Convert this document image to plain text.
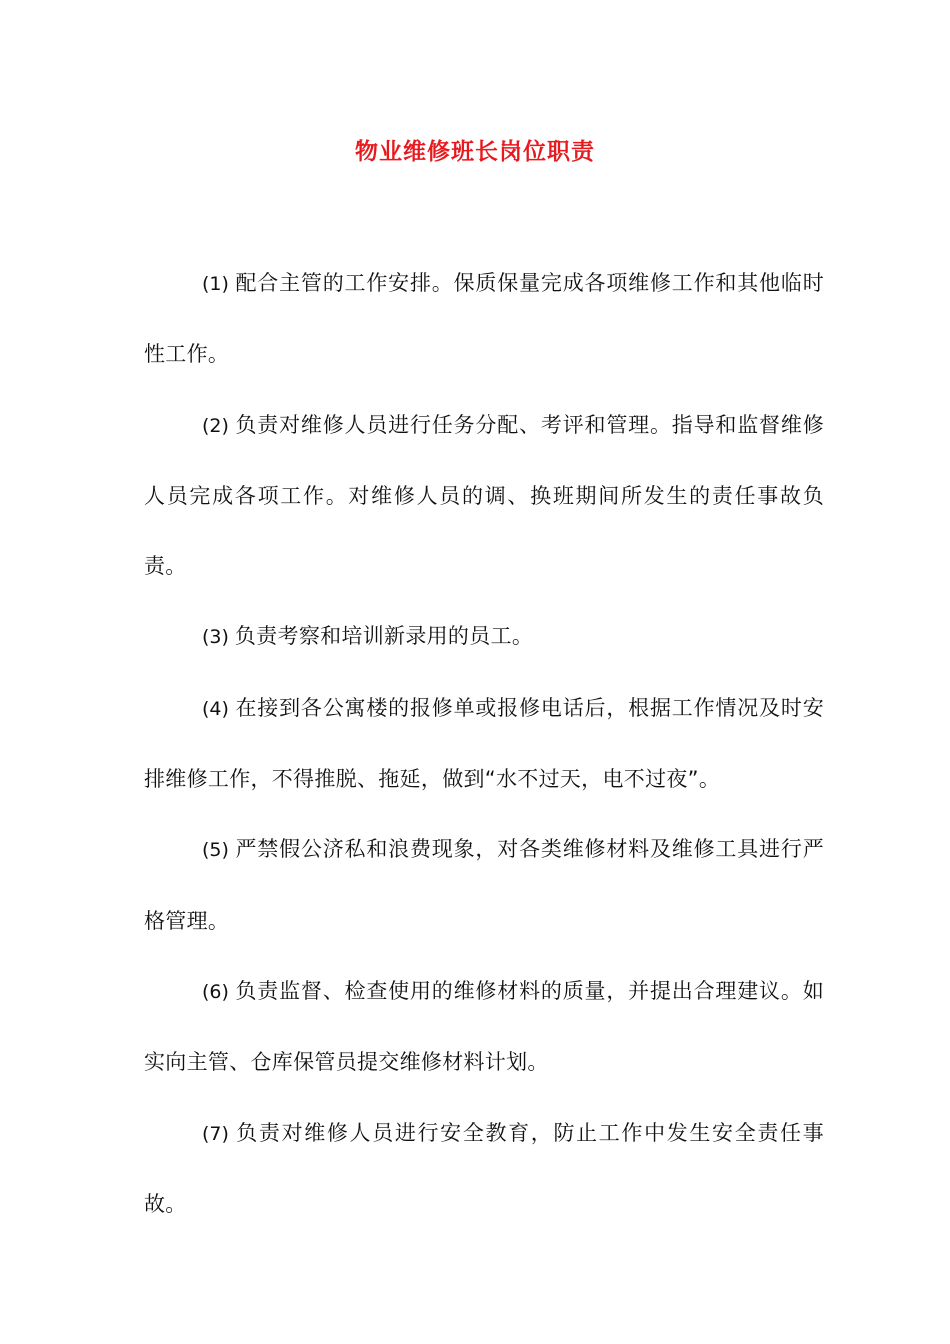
物业维修班长岗位职责

(1) 配合主管的工作安排。保质保量完成各项维修工作和其他临时性工作。

(2) 负责对维修人员进行任务分配、考评和管理。指导和监督维修人员完成各项工作。对维修人员的调、换班期间所发生的责任事故负责。

(3) 负责考察和培训新录用的员工。

(4) 在接到各公寓楼的报修单或报修电话后，根据工作情况及时安排维修工作，不得推脱、拖延，做到“水不过天，电不过夜”。

(5) 严禁假公济私和浪费现象，对各类维修材料及维修工具进行严格管理。

(6) 负责监督、检查使用的维修材料的质量，并提出合理建议。如实向主管、仓库保管员提交维修材料计划。

(7) 负责对维修人员进行安全教育，防止工作中发生安全责任事故。
